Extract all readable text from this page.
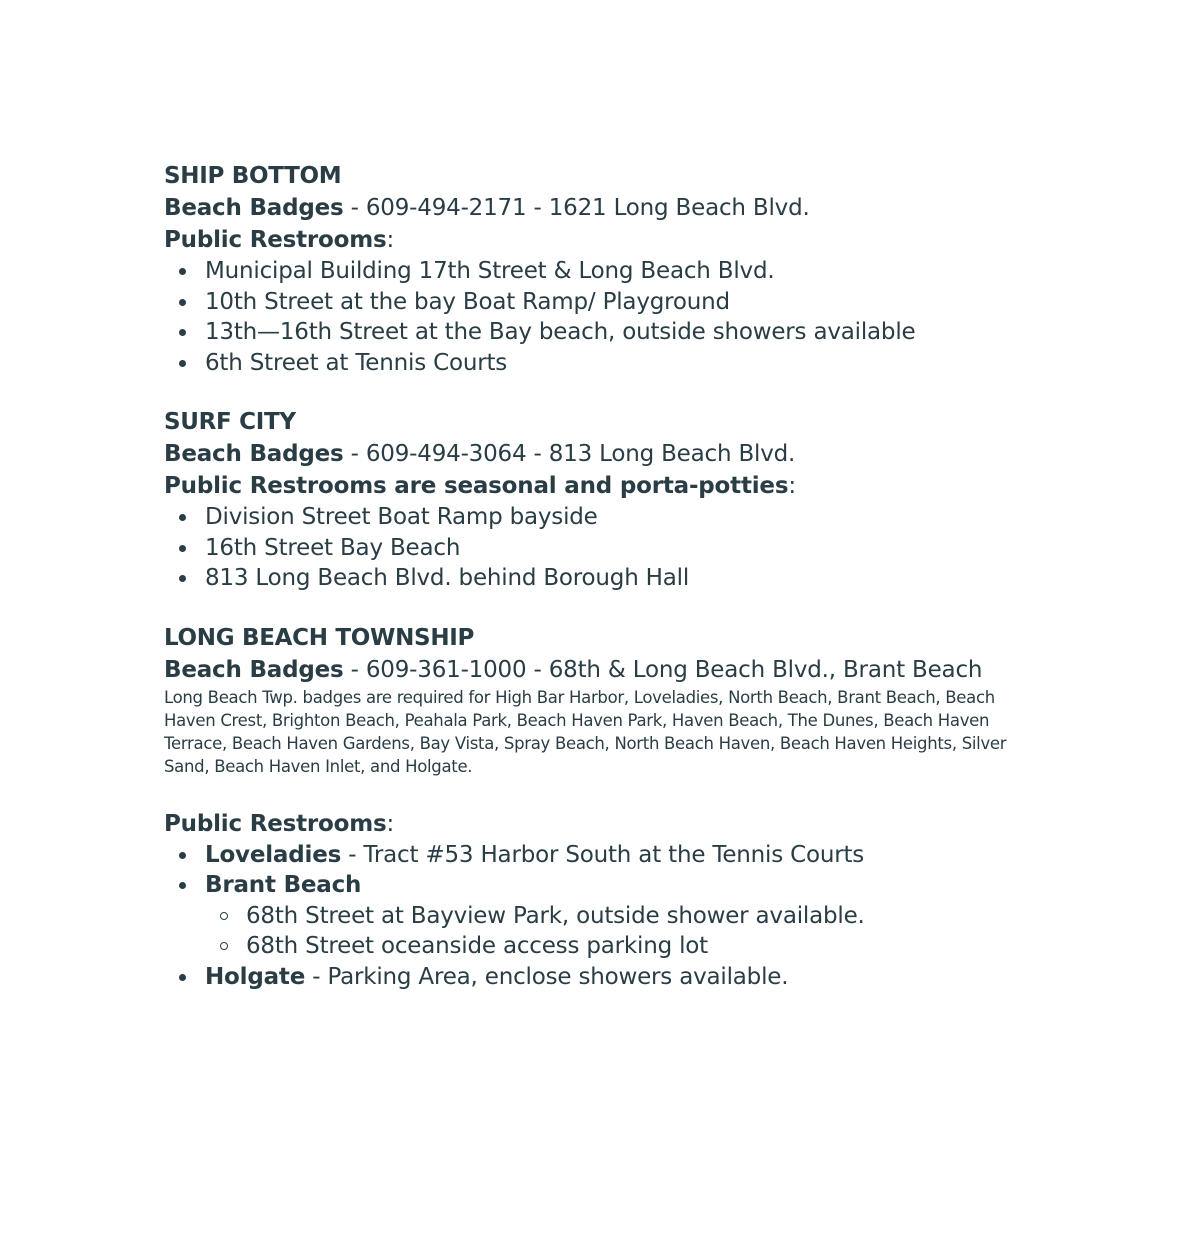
SHIP BOTTOM

Beach Badges - 609-494-2171 - 1621 Long Beach Blvd.

Public Restrooms:

Municipal Building 17th Street & Long Beach Blvd.
10th Street at the bay Boat Ramp/ Playground
13th—16th Street at the Bay beach, outside showers available
6th Street at Tennis Courts

SURF CITY

Beach Badges - 609-494-3064 - 813 Long Beach Blvd.

Public Restrooms are seasonal and porta-potties:

Division Street Boat Ramp bayside
16th Street Bay Beach
813 Long Beach Blvd. behind Borough Hall

LONG BEACH TOWNSHIP

Beach Badges - 609-361-1000 - 68th & Long Beach Blvd., Brant Beach

Long Beach Twp. badges are required for High Bar Harbor, Loveladies, North Beach, Brant Beach, Beach Haven Crest, Brighton Beach, Peahala Park, Beach Haven Park, Haven Beach, The Dunes, Beach Haven Terrace, Beach Haven Gardens, Bay Vista, Spray Beach, North Beach Haven, Beach Haven Heights, Silver Sand, Beach Haven Inlet, and Holgate.

Public Restrooms:

Loveladies - Tract #53 Harbor South at the Tennis Courts
Brant Beach
68th Street at Bayview Park, outside shower available.
68th Street oceanside access parking lot
Holgate - Parking Area, enclose showers available.
